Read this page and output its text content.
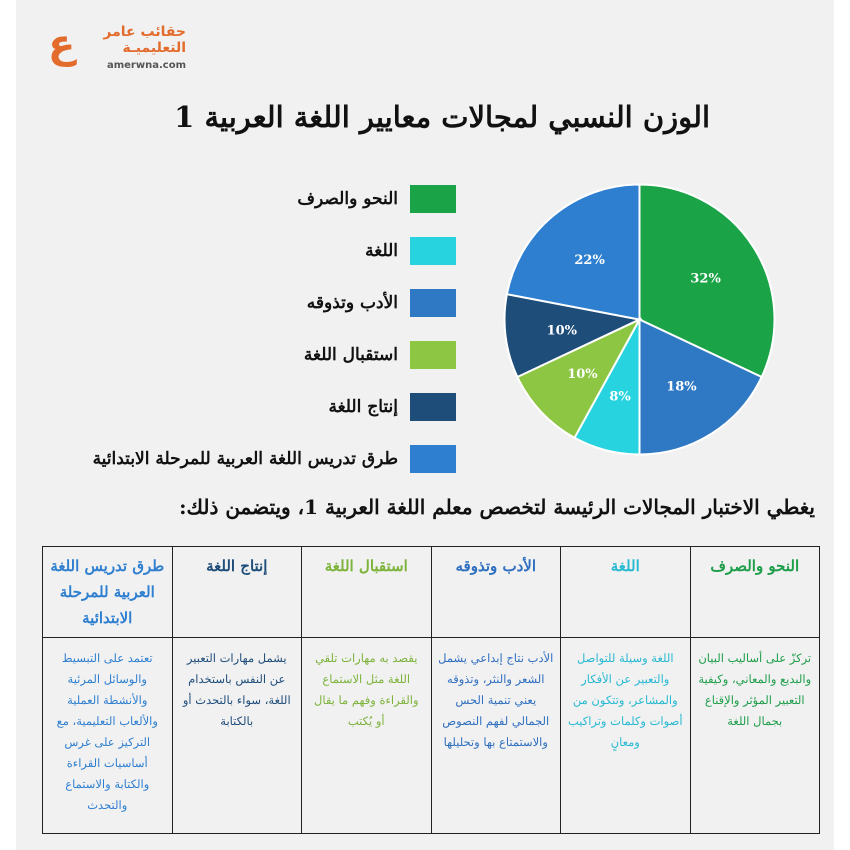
ع	حقائب عامر
التعليميـة
amerwna.com
الوزن النسبي لمجالات معايير اللغة العربية 1
النحو والصرف
اللغة
الأدب وتذوقه
استقبال اللغة
إنتاج اللغة
طرق تدريس اللغة العربية للمرحلة الابتدائية
32%
18%
8%
10%
10%
22%
يغطي الاختبار المجالات الرئيسة لتخصص معلم اللغة العربية 1، ويتضمن ذلك:
النحو والصرف	اللغة	الأدب وتذوقه	استقبال اللغة	إنتاج اللغة	طرق تدريس اللغة العربية للمرحلة الابتدائية
تركزّ على أساليب البيان والبديع والمعاني، وكيفية التعبير المؤثر والإقناع بجمال اللغة	اللغة وسيلة للتواصل والتعبير عن الأفكار والمشاعر، وتتكون من أصوات وكلمات وتراكيب ومعانٍ	الأدب نتاج إبداعي يشمل الشعر والنثر، وتذوقه يعني تنمية الحس الجمالي لفهم النصوص والاستمتاع بها وتحليلها	يقصد به مهارات تلقي اللغة مثل الاستماع والقراءة وفهم ما يقال أو يُكتب	يشمل مهارات التعبير عن النفس باستخدام اللغة، سواء بالتحدث أو بالكتابة	تعتمد على التبسيط والوسائل المرئية والأنشطة العملية والألعاب التعليمية، مع التركيز على غرس أساسيات القراءة والكتابة والاستماع والتحدث
